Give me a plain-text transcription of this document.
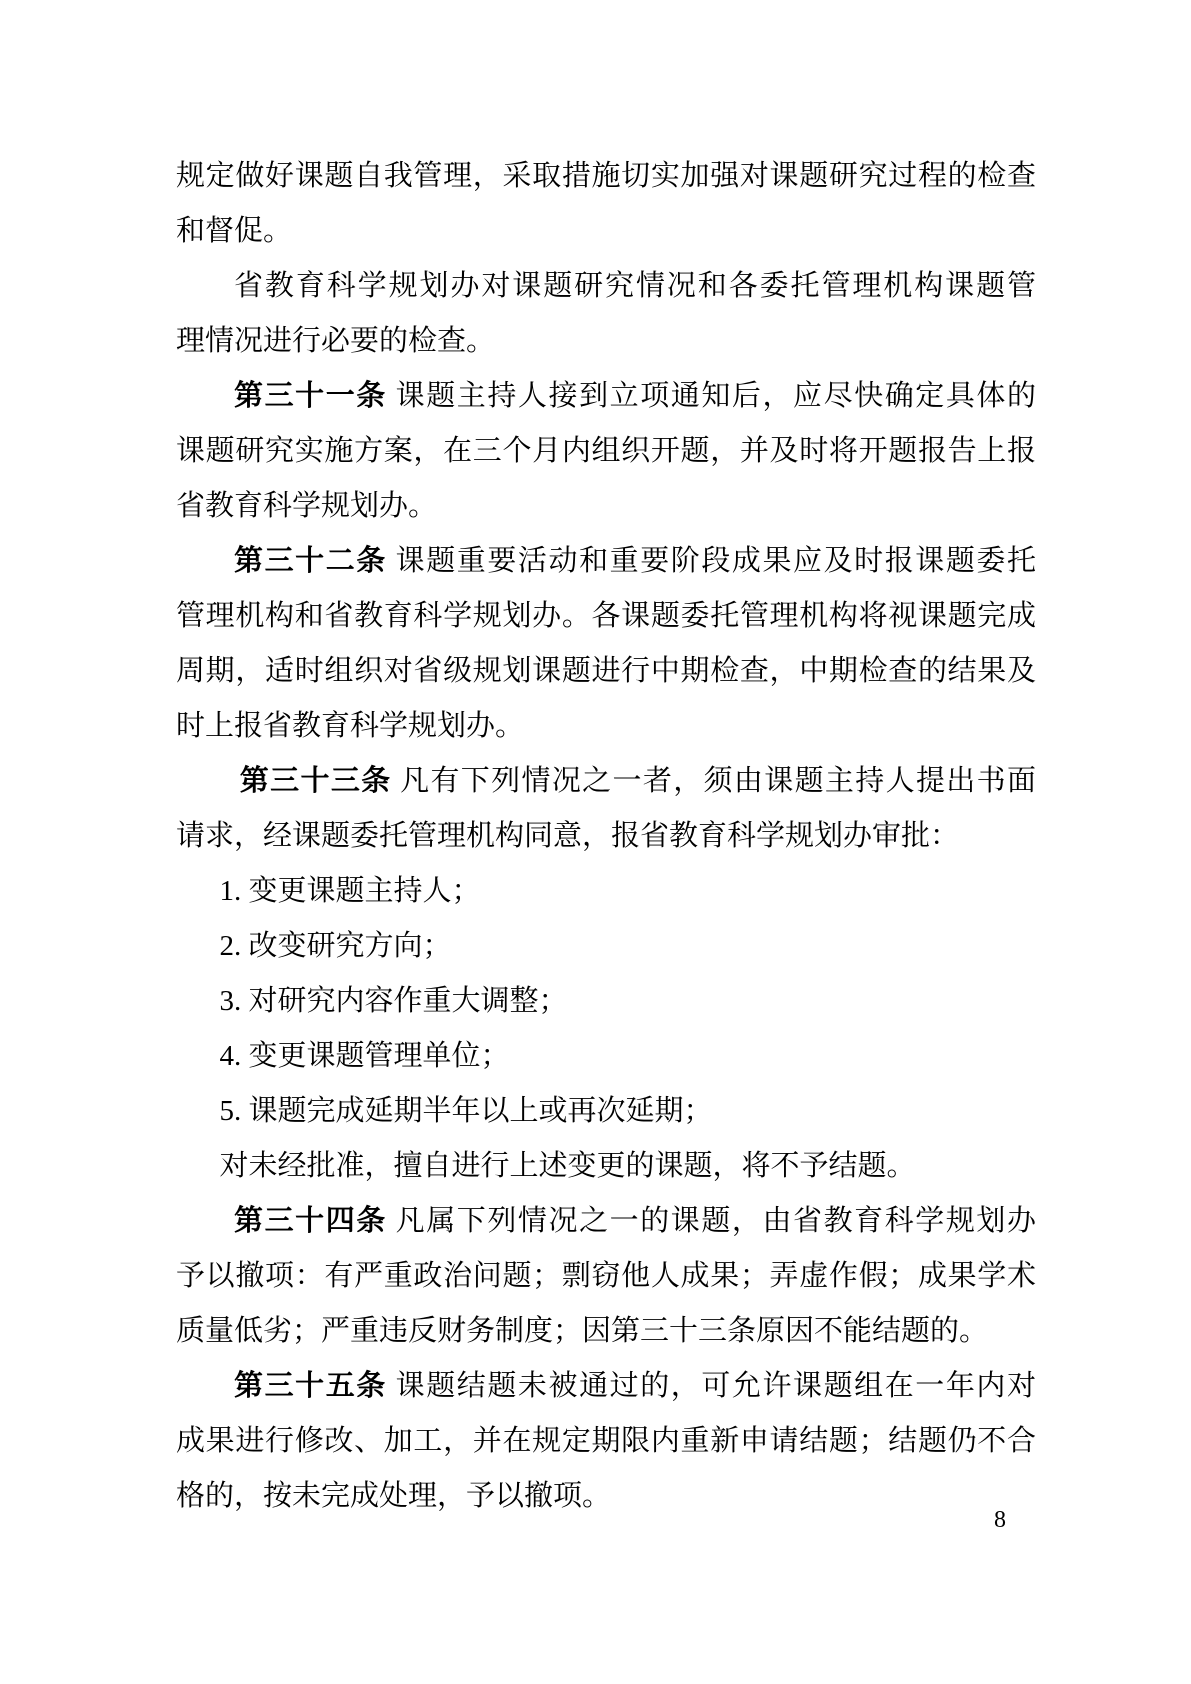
规定做好课题自我管理，采取措施切实加强对课题研究过程的检查
和督促。
省教育科学规划办对课题研究情况和各委托管理机构课题管
理情况进行必要的检查。
第三十一条 课题主持人接到立项通知后，应尽快确定具体的
课题研究实施方案，在三个月内组织开题，并及时将开题报告上报
省教育科学规划办。
第三十二条 课题重要活动和重要阶段成果应及时报课题委托
管理机构和省教育科学规划办。各课题委托管理机构将视课题完成
周期，适时组织对省级规划课题进行中期检查，中期检查的结果及
时上报省教育科学规划办。
第三十三条 凡有下列情况之一者，须由课题主持人提出书面
请求，经课题委托管理机构同意，报省教育科学规划办审批：
1. 变更课题主持人；
2. 改变研究方向；
3. 对研究内容作重大调整；
4. 变更课题管理单位；
5. 课题完成延期半年以上或再次延期；
对未经批准，擅自进行上述变更的课题，将不予结题。
第三十四条 凡属下列情况之一的课题，由省教育科学规划办
予以撤项：有严重政治问题；剽窃他人成果；弄虚作假；成果学术
质量低劣；严重违反财务制度；因第三十三条原因不能结题的。
第三十五条 课题结题未被通过的，可允许课题组在一年内对
成果进行修改、加工，并在规定期限内重新申请结题；结题仍不合
格的，按未完成处理，予以撤项。
8
